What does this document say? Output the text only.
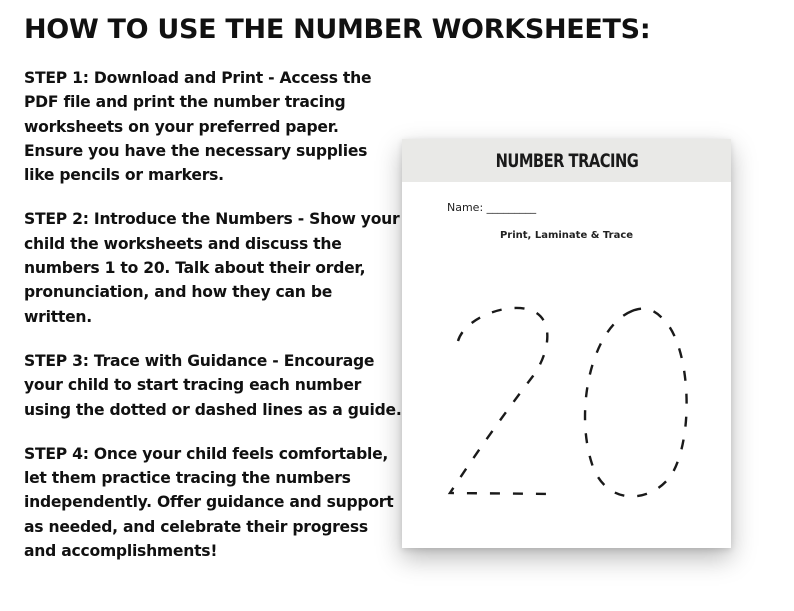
HOW TO USE THE NUMBER WORKSHEETS:

STEP 1: Download and Print - Access the
PDF file and print the number tracing
worksheets on your preferred paper.
Ensure you have the necessary supplies
like pencils or markers.

STEP 2: Introduce the Numbers - Show your
child the worksheets and discuss the
numbers 1 to 20. Talk about their order,
pronunciation, and how they can be
written.

STEP 3: Trace with Guidance - Encourage
your child to start tracing each number
using the dotted or dashed lines as a guide.

STEP 4: Once your child feels comfortable,
let them practice tracing the numbers
independently. Offer guidance and support
as needed, and celebrate their progress
and accomplishments!

NUMBER TRACING
Name: _________
Print, Laminate & Trace
